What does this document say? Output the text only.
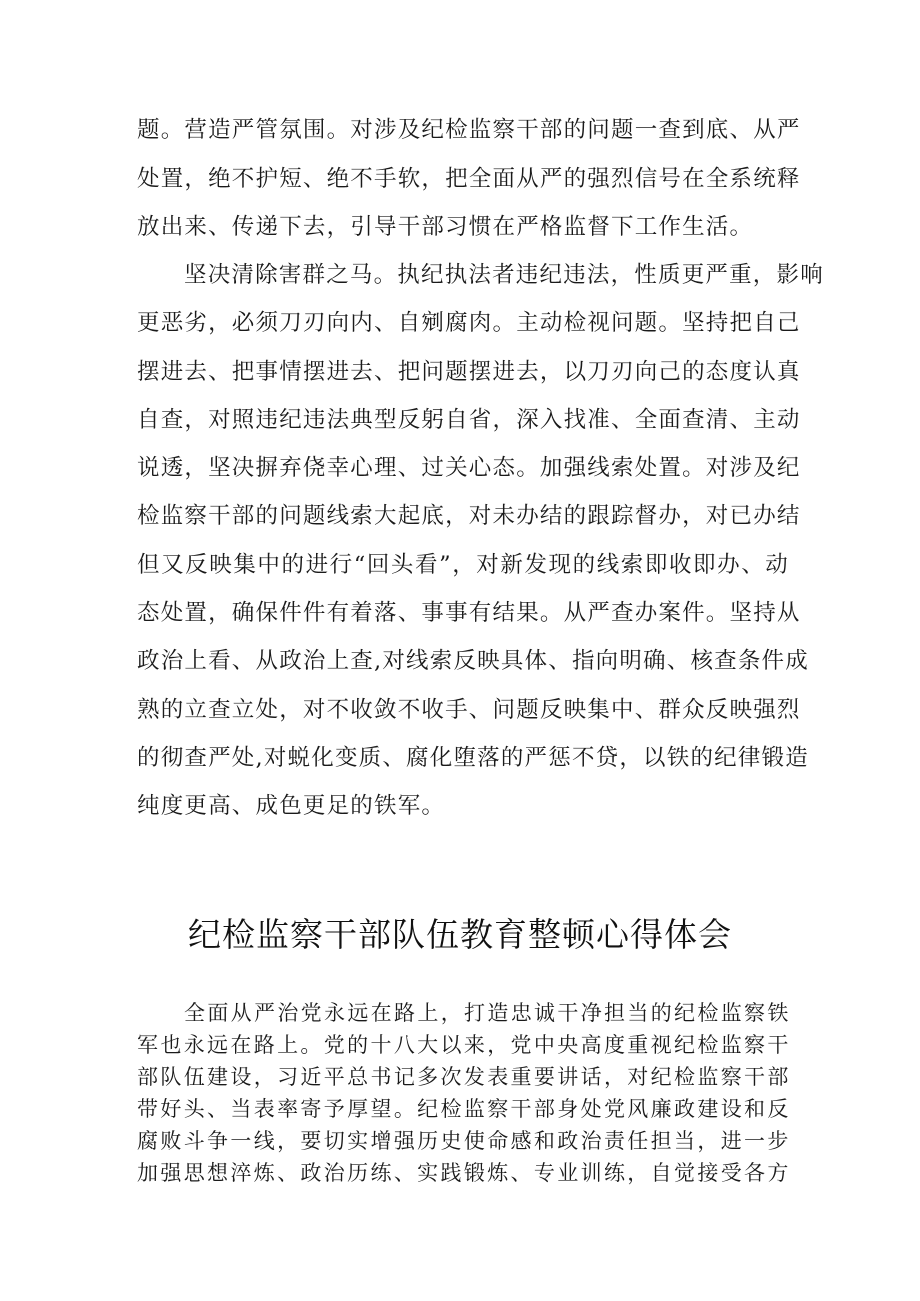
题。营造严管氛围。对涉及纪检监察干部的问题一查到底、从严
处置，绝不护短、绝不手软，把全面从严的强烈信号在全系统释
放出来、传递下去，引导干部习惯在严格监督下工作生活。
坚决清除害群之马。执纪执法者违纪违法，性质更严重，影响
更恶劣，必须刀刃向内、自剜腐肉。主动检视问题。坚持把自己
摆进去、把事情摆进去、把问题摆进去，以刀刃向己的态度认真
自查，对照违纪违法典型反躬自省，深入找准、全面查清、主动
说透，坚决摒弃侥幸心理、过关心态。加强线索处置。对涉及纪
检监察干部的问题线索大起底，对未办结的跟踪督办，对已办结
但又反映集中的进行“回头看”，对新发现的线索即收即办、动
态处置，确保件件有着落、事事有结果。从严查办案件。坚持从
政治上看、从政治上查,对线索反映具体、指向明确、核查条件成
熟的立查立处，对不收敛不收手、问题反映集中、群众反映强烈
的彻查严处,对蜕化变质、腐化堕落的严惩不贷，以铁的纪律锻造
纯度更高、成色更足的铁军。
纪检监察干部队伍教育整顿心得体会
全面从严治党永远在路上，打造忠诚干净担当的纪检监察铁
军也永远在路上。党的十八大以来，党中央高度重视纪检监察干
部队伍建设，习近平总书记多次发表重要讲话，对纪检监察干部
带好头、当表率寄予厚望。纪检监察干部身处党风廉政建设和反
腐败斗争一线，要切实增强历史使命感和政治责任担当，进一步
加强思想淬炼、政治历练、实践锻炼、专业训练，自觉接受各方
